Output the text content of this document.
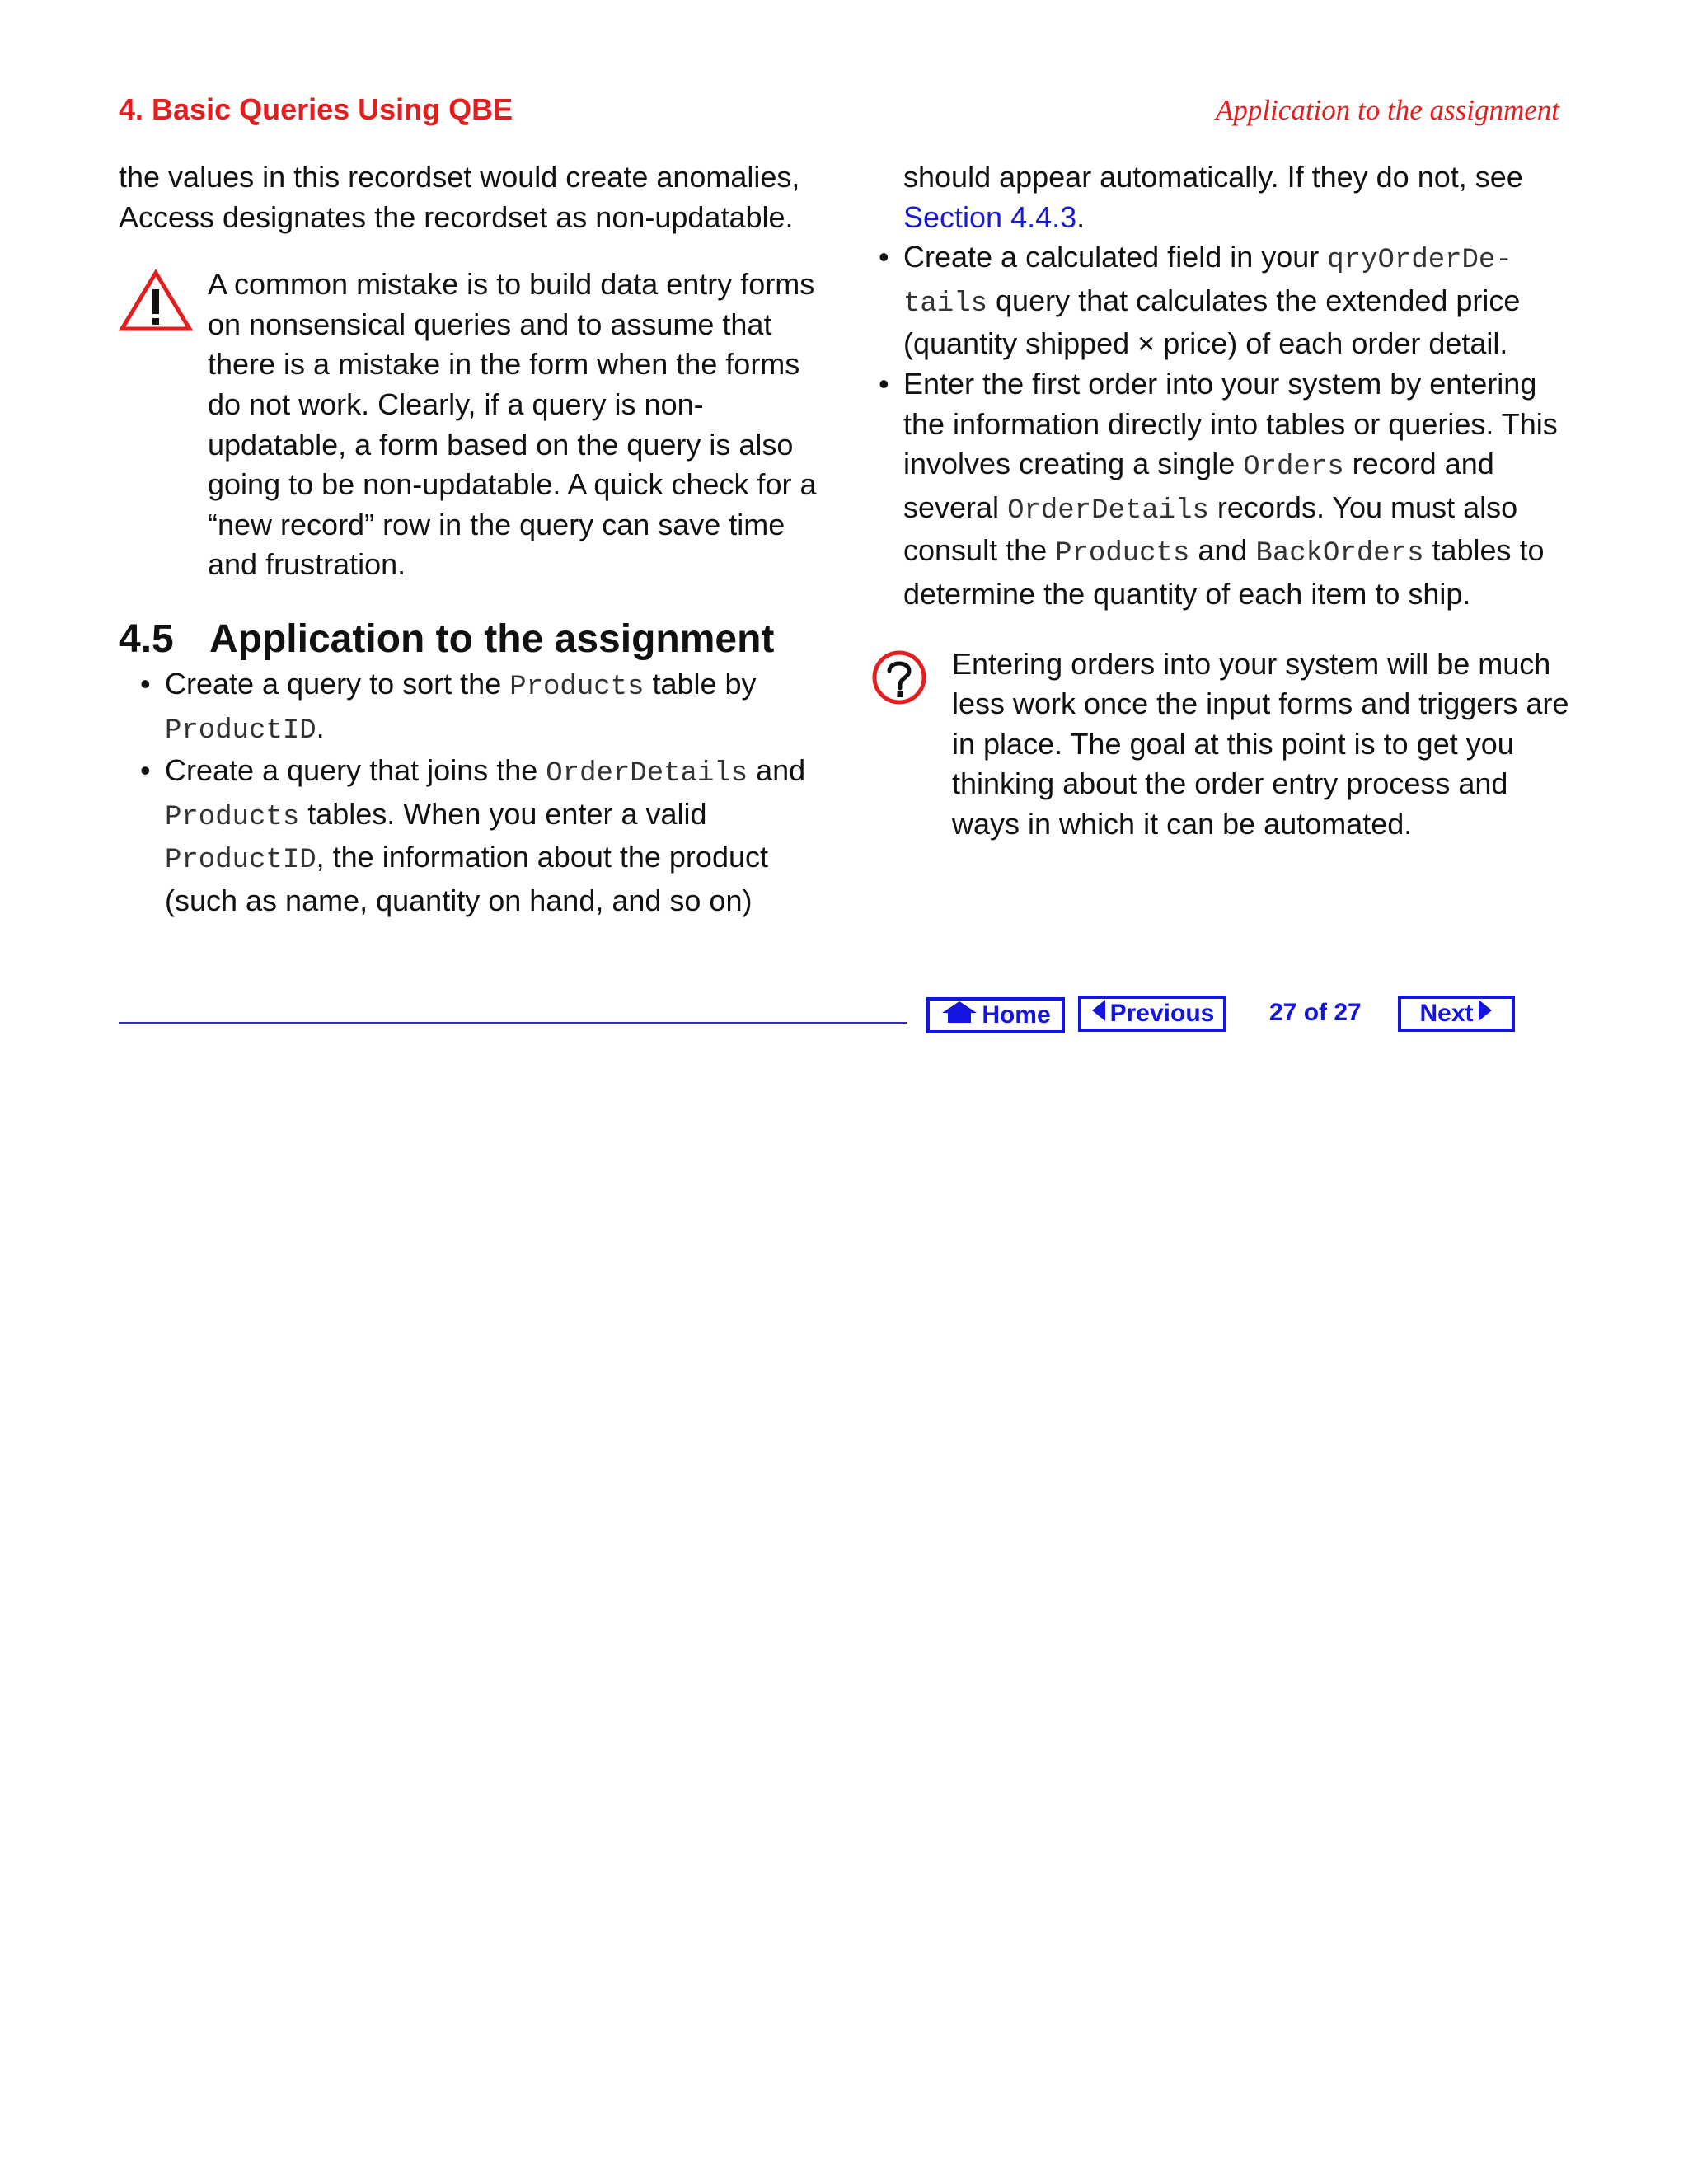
4. Basic Queries Using QBE	Application to the assignment

the values in this recordset would create anomalies, Access designates the recordset as non-updatable.

A common mistake is to build data entry forms on nonsensical queries and to assume that there is a mistake in the form when the forms do not work. Clearly, if a query is non-updatable, a form based on the query is also going to be non-updatable. A quick check for a “new record” row in the query can save time and frustration.
4.5 Application to the assignment
• Create a query to sort the Products table by ProductID.
• Create a query that joins the OrderDetails and Products tables. When you enter a valid ProductID, the information about the product (such as name, quantity on hand, and so on)
should appear automatically. If they do not, see Section 4.4.3.
• Create a calculated field in your qryOrderDe-tails query that calculates the extended price (quantity shipped × price) of each order detail.
• Enter the first order into your system by entering the information directly into tables or queries. This involves creating a single Orders record and several OrderDetails records. You must also consult the Products and BackOrders tables to determine the quantity of each item to ship.
Entering orders into your system will be much less work once the input forms and triggers are in place. The goal at this point is to get you thinking about the order entry process and ways in which it can be automated.
Home Previous 27 of 27 Next
